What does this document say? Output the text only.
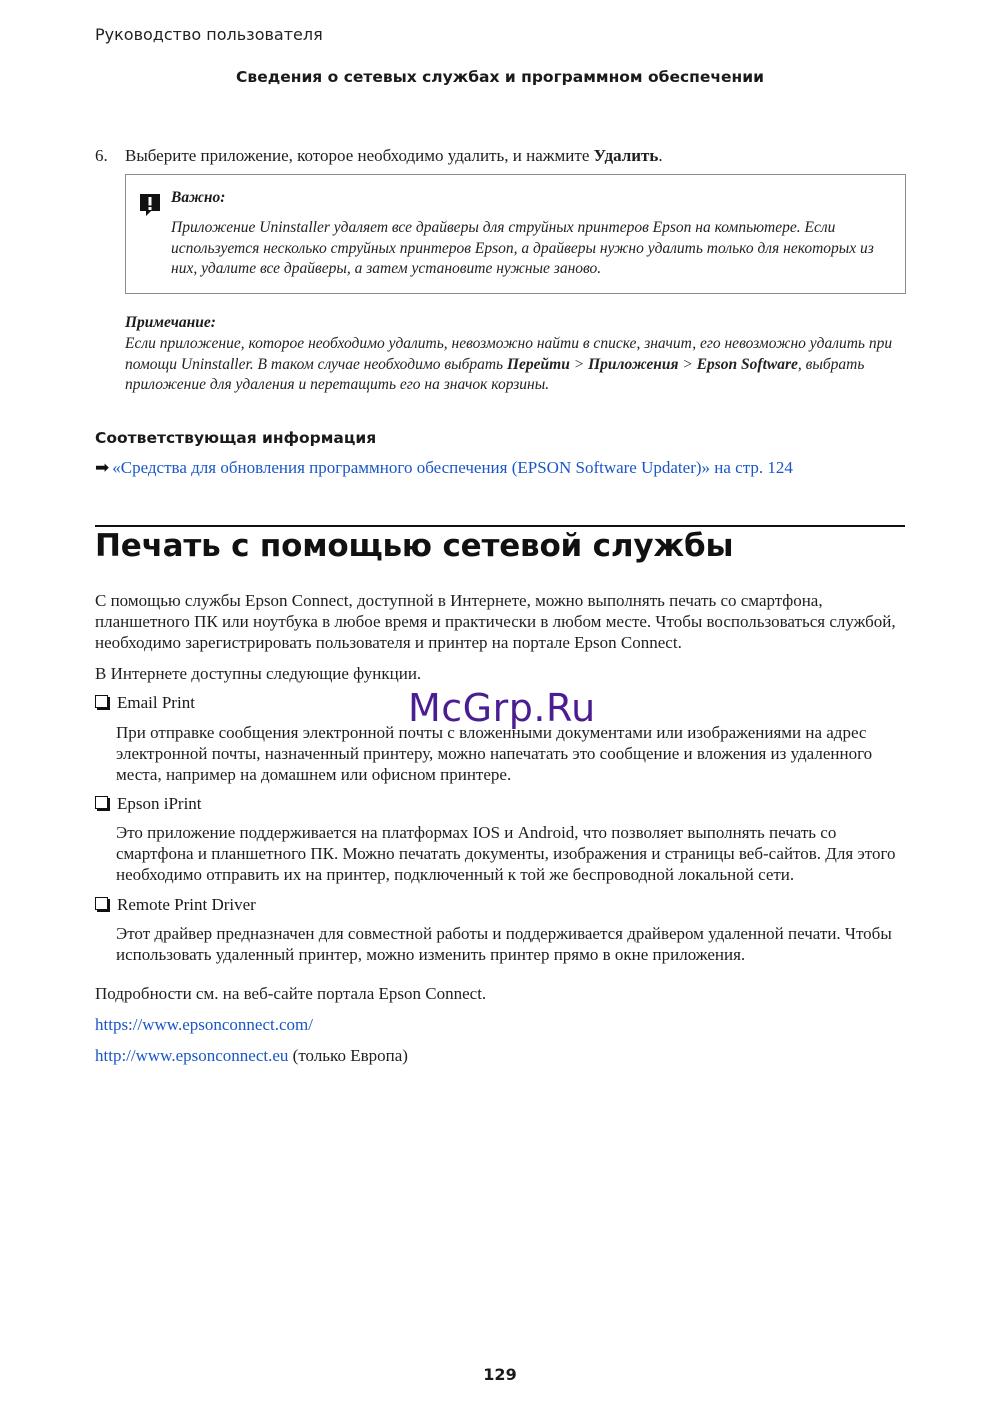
Руководство пользователя
Сведения о сетевых службах и программном обеспечении
6. Выберите приложение, которое необходимо удалить, и нажмите Удалить.
Важно:
Приложение Uninstaller удаляет все драйверы для струйных принтеров Epson на компьютере. Если используется несколько струйных принтеров Epson, а драйверы нужно удалить только для некоторых из них, удалите все драйверы, а затем установите нужные заново.
Примечание:
Если приложение, которое необходимо удалить, невозможно найти в списке, значит, его невозможно удалить при помощи Uninstaller. В таком случае необходимо выбрать Перейти > Приложения > Epson Software, выбрать приложение для удаления и перетащить его на значок корзины.
Соответствующая информация
➡ «Средства для обновления программного обеспечения (EPSON Software Updater)» на стр. 124
Печать с помощью сетевой службы
С помощью службы Epson Connect, доступной в Интернете, можно выполнять печать со смартфона, планшетного ПК или ноутбука в любое время и практически в любом месте. Чтобы воспользоваться службой, необходимо зарегистрировать пользователя и принтер на портале Epson Connect.
В Интернете доступны следующие функции.
Email Print
При отправке сообщения электронной почты с вложенными документами или изображениями на адрес электронной почты, назначенный принтеру, можно напечатать это сообщение и вложения из удаленного места, например на домашнем или офисном принтере.
Epson iPrint
Это приложение поддерживается на платформах IOS и Android, что позволяет выполнять печать со смартфона и планшетного ПК. Можно печатать документы, изображения и страницы веб-сайтов. Для этого необходимо отправить их на принтер, подключенный к той же беспроводной локальной сети.
Remote Print Driver
Этот драйвер предназначен для совместной работы и поддерживается драйвером удаленной печати. Чтобы использовать удаленный принтер, можно изменить принтер прямо в окне приложения.
Подробности см. на веб-сайте портала Epson Connect.
https://www.epsonconnect.com/
http://www.epsonconnect.eu (только Европа)
McGrp.Ru
129
